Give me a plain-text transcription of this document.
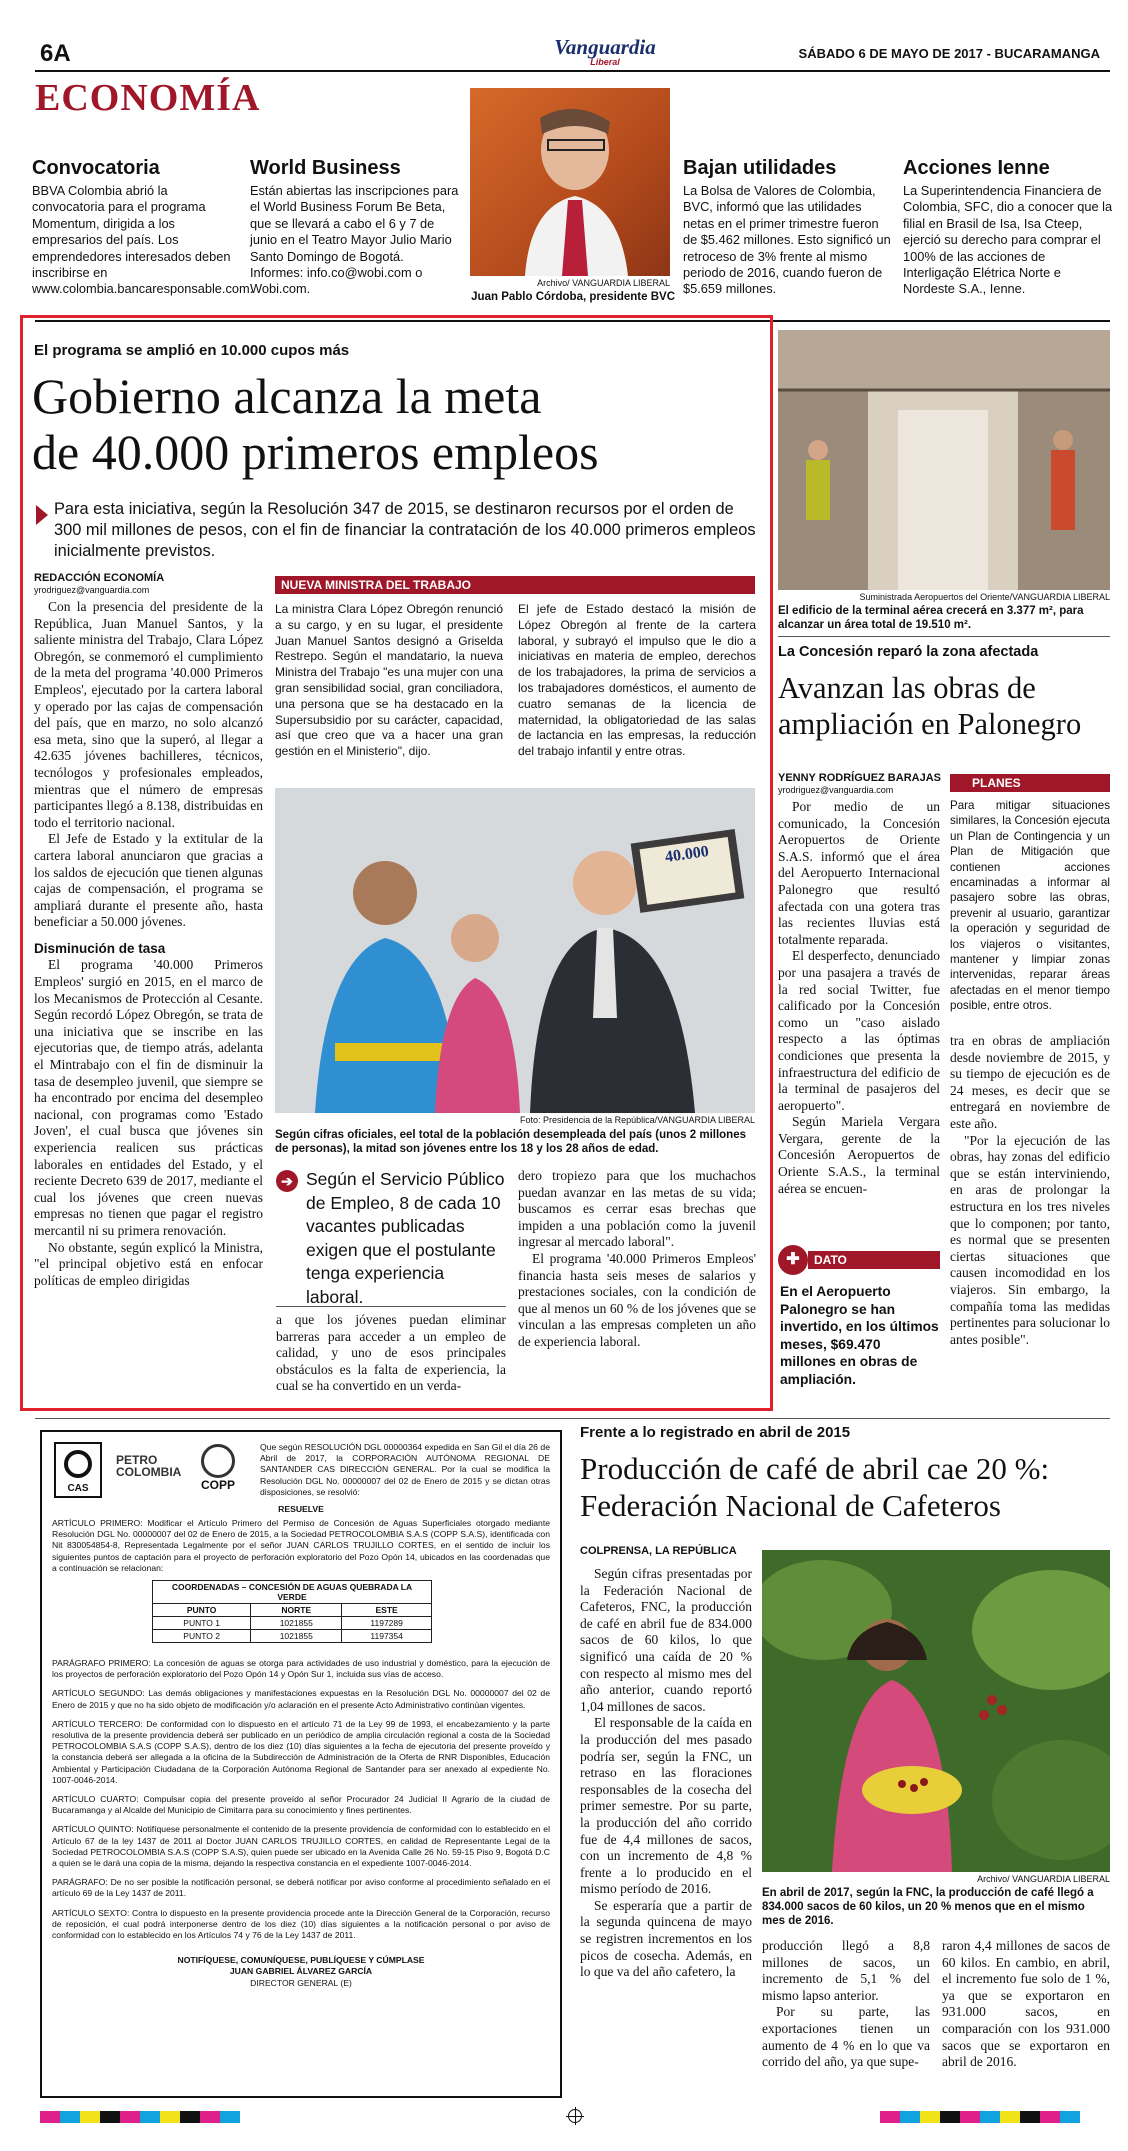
6A	Vanguardia
Liberal
SÁBADO 6 DE MAYO DE 2017 - BUCARAMANGA
ECONOMÍA
Convocatoria
BBVA Colombia abrió la convocatoria para el programa Momentum, dirigida a los empresarios del país. Los emprendedores interesados deben inscribirse en www.colombia.bancaresponsable.com.
World Business
Están abiertas las inscripciones para el World Business Forum Be Beta, que se llevará a cabo el 6 y 7 de junio en el Teatro Mayor Julio Mario Santo Domingo de Bogotá. Informes: info.co@wobi.com o Wobi.com.	Archivo/ VANGUARDIA LIBERAL
Juan Pablo Córdoba, presidente BVC
Bajan utilidades
La Bolsa de Valores de Colombia, BVC, informó que las utilidades netas en el primer trimestre fueron de $5.462 millones. Esto significó un retroceso de 3% frente al mismo periodo de 2016, cuando fueron de $5.659 millones.
Acciones Ienne
La Superintendencia Financiera de Colombia, SFC, dio a conocer que la filial en Brasil de Isa, Isa Cteep, ejerció su derecho para comprar el 100% de las acciones de Interligação Elétrica Norte e Nordeste S.A., Ienne.
El programa se amplió en 10.000 cupos más
Gobierno alcanza la meta
de 40.000 primeros empleos
Para esta iniciativa, según la Resolución 347 de 2015, se destinaron recursos por el orden de 300 mil millones de pesos, con el fin de financiar la contratación de los 40.000 primeros empleos inicialmente previstos.
REDACCIÓN ECONOMÍA
yrodriguez@vanguardia.com

Con la presencia del presidente de la República, Juan Manuel Santos, y la saliente ministra del Trabajo, Clara López Obregón, se conmemoró el cumplimiento de la meta del programa '40.000 Primeros Empleos', ejecutado por la cartera laboral y operado por las cajas de compensación del país, que en marzo, no solo alcanzó esa meta, sino que la superó, al llegar a 42.635 jóvenes bachilleres, técnicos, tecnólogos y profesionales empleados, mientras que el número de empresas participantes llegó a 8.138, distribuidas en todo el territorio nacional.

El Jefe de Estado y la extitular de la cartera laboral anunciaron que gracias a los saldos de ejecución que tienen algunas cajas de compensación, el programa se ampliará durante el presente año, hasta beneficiar a 50.000 jóvenes.

Disminución de tasa

El programa '40.000 Primeros Empleos' surgió en 2015, en el marco de los Mecanismos de Protección al Cesante. Según recordó López Obregón, se trata de una iniciativa que se inscribe en las ejecutorias que, de tiempo atrás, adelanta el Mintrabajo con el fin de disminuir la tasa de desempleo juvenil, que siempre se ha encontrado por encima del desempleo nacional, con programas como 'Estado Joven', el cual busca que jóvenes sin experiencia realicen sus prácticas laborales en entidades del Estado, y el reciente Decreto 639 de 2017, mediante el cual los jóvenes que creen nuevas empresas no tienen que pagar el registro mercantil ni su primera renovación.

No obstante, según explicó la Ministra, "el principal objetivo está en enfocar políticas de empleo dirigidas

NUEVA MINISTRA DEL TRABAJO
La ministra Clara López Obregón renunció a su cargo, y en su lugar, el presidente Juan Manuel Santos designó a Griselda Restrepo. Según el mandatario, la nueva Ministra del Trabajo "es una mujer con una gran sensibilidad social, gran conciliadora, una persona que se ha destacado en la Supersubsidio por su carácter, capacidad, así que creo que va a hacer una gran gestión en el Ministerio", dijo.
El jefe de Estado destacó la misión de López Obregón al frente de la cartera laboral, y subrayó el impulso que le dio a iniciativas en materia de empleo, derechos de los trabajadores, la prima de servicios a los trabajadores domésticos, el aumento de cuatro semanas de la licencia de maternidad, la obligatoriedad de las salas de lactancia en las empresas, la reducción del trabajo infantil y entre otras.
40.000
Foto: Presidencia de la República/VANGUARDIA LIBERAL
Según cifras oficiales, eel total de la población desempleada del país (unos 2 millones de personas), la mitad son jóvenes entre los 18 y los 28 años de edad.
➔ Según el Servicio Público de Empleo, 8 de cada 10 vacantes publicadas exigen que el postulante tenga experiencia laboral.
a que los jóvenes puedan eliminar barreras para acceder a un empleo de calidad, y uno de esos principales obstáculos es la falta de experiencia, la cual se ha convertido en un verda-

dero tropiezo para que los muchachos puedan avanzar en las metas de su vida; buscamos es cerrar esas brechas que impiden a una población como la juvenil ingresar al mercado laboral".

El programa '40.000 Primeros Empleos' financia hasta seis meses de salarios y prestaciones sociales, con la condición de que al menos un 60 % de los jóvenes que se vinculan a las empresas completen un año de experiencia laboral.

Suministrada Aeropuertos del Oriente/VANGUARDIA LIBERAL
El edificio de la terminal aérea crecerá en 3.377 m², para alcanzar un área total de 19.510 m².
La Concesión reparó la zona afectada
Avanzan las obras de ampliación en Palonegro
YENNY RODRÍGUEZ BARAJAS
yrodriguez@vanguardia.com

Por medio de un comunicado, la Concesión Aeropuertos de Oriente S.A.S. informó que el área del Aeropuerto Internacional Palonegro que resultó afectada con una gotera tras las recientes lluvias está totalmente reparada.

El desperfecto, denunciado por una pasajera a través de la red social Twitter, fue calificado por la Concesión como un "caso aislado respecto a las óptimas condiciones que presenta la infraestructura del edificio de la terminal de pasajeros del aeropuerto".

Según Mariela Vergara Vergara, gerente de la Concesión Aeropuertos de Oriente S.A.S., la terminal aérea se encuen-

PLANES
Para mitigar situaciones similares, la Concesión ejecuta un Plan de Contingencia y un Plan de Mitigación que contienen acciones encaminadas a informar al pasajero sobre las obras, prevenir al usuario, garantizar la operación y seguridad de los viajeros o visitantes, mantener y limpiar zonas intervenidas, reparar áreas afectadas en el menor tiempo posible, entre otros.

tra en obras de ampliación desde noviembre de 2015, y su tiempo de ejecución es de 24 meses, es decir que se entregará en noviembre de este año.

"Por la ejecución de las obras, hay zonas del edificio que se están interviniendo, en aras de prolongar la estructura en los tres niveles que lo componen; por tanto, es normal que se presenten ciertas situaciones que causen incomodidad en los viajeros. Sin embargo, la compañía toma las medidas pertinentes para solucionar lo antes posible".

✚	DATO
En el Aeropuerto Palonegro se han invertido, en los últimos meses, $69.470 millones en obras de ampliación.
CAS
PETRO COLOMBIA
COPP
Que según RESOLUCIÓN DGL 00000364 expedida en San Gil el día 26 de Abril de 2017, la CORPORACIÓN AUTÓNOMA REGIONAL DE SANTANDER CAS DIRECCIÓN GENERAL. Por la cual se modifica la Resolución DGL No. 00000007 del 02 de Enero de 2015 y se dictan otras disposiciones, se resolvió:
RESUELVE
ARTÍCULO PRIMERO: Modificar el Artículo Primero del Permiso de Concesión de Aguas Superficiales otorgado mediante Resolución DGL No. 00000007 del 02 de Enero de 2015, a la Sociedad PETROCOLOMBIA S.A.S (COPP S.A.S), identificada con Nit 830054854-8, Representada Legalmente por el señor JUAN CARLOS TRUJILLO CORTES, en el sentido de incluir los siguientes puntos de captación para el proyecto de perforación exploratorio del Pozo Opón 14, ubicados en las coordenadas que a continuación se relacionan:
COORDENADAS – CONCESIÓN DE AGUAS QUEBRADA LA VERDE		
PUNTO	NORTE	ESTE
PUNTO 1	1021855	1197289
PUNTO 2	1021855	1197354

PARÁGRAFO PRIMERO: La concesión de aguas se otorga para actividades de uso industrial y doméstico, para la ejecución de los proyectos de perforación exploratorio del Pozo Opón 14 y Opón Sur 1, incluida sus vías de acceso.

ARTÍCULO SEGUNDO: Las demás obligaciones y manifestaciones expuestas en la Resolución DGL No. 00000007 del 02 de Enero de 2015 y que no ha sido objeto de modificación y/o aclaración en el presente Acto Administrativo continúan vigentes.

ARTÍCULO TERCERO: De conformidad con lo dispuesto en el artículo 71 de la Ley 99 de 1993, el encabezamiento y la parte resolutiva de la presente providencia deberá ser publicado en un periódico de amplia circulación regional a costa de la Sociedad PETROCOLOMBIA S.A.S (COPP S.A.S), dentro de los diez (10) días siguientes a la fecha de ejecutoria del presente proveído y la constancia deberá ser allegada a la oficina de la Subdirección de Administración de la Oferta de RNR Disponibles, Educación Ambiental y Participación Ciudadana de la Corporación Autónoma Regional de Santander para ser anexado al expediente No. 1007-0046-2014.

ARTÍCULO CUARTO: Compulsar copia del presente proveído al señor Procurador 24 Judicial II Agrario de la ciudad de Bucaramanga y al Alcalde del Municipio de Cimitarra para su conocimiento y fines pertinentes.

ARTÍCULO QUINTO: Notifíquese personalmente el contenido de la presente providencia de conformidad con lo establecido en el Artículo 67 de la ley 1437 de 2011 al Doctor JUAN CARLOS TRUJILLO CORTES, en calidad de Representante Legal de la Sociedad PETROCOLOMBIA S.A.S (COPP S.A.S), quien puede ser ubicado en la Avenida Calle 26 No. 59-15 Piso 9, Bogotá D.C a quien se le dará una copia de la misma, dejando la respectiva constancia en el expediente 1007-0046-2014.

PARÁGRAFO: De no ser posible la notificación personal, se deberá notificar por aviso conforme al procedimiento señalado en el artículo 69 de la Ley 1437 de 2011.

ARTÍCULO SEXTO: Contra lo dispuesto en la presente providencia procede ante la Dirección General de la Corporación, recurso de reposición, el cual podrá interponerse dentro de los diez (10) días siguientes a la notificación personal o por aviso de conformidad con lo establecido en los Artículos 74 y 76 de la Ley 1437 de 2011.

NOTIFÍQUESE, COMUNÍQUESE, PUBLÍQUESE Y CÚMPLASE
JUAN GABRIEL ÁLVAREZ GARCÍA
DIRECTOR GENERAL (E)
Frente a lo registrado en abril de 2015
Producción de café de abril cae 20 %:
Federación Nacional de Cafeteros
COLPRENSA, LA REPÚBLICA

Según cifras presentadas por la Federación Nacional de Cafeteros, FNC, la producción de café en abril fue de 834.000 sacos de 60 kilos, lo que significó una caída de 20 % con respecto al mismo mes del año anterior, cuando reportó 1,04 millones de sacos.

El responsable de la caída en la producción del mes pasado podría ser, según la FNC, un retraso en las floraciones responsables de la cosecha del primer semestre. Por su parte, la producción del año corrido fue de 4,4 millones de sacos, con un incremento de 4,8 % frente a lo producido en el mismo período de 2016.

Se esperaría que a partir de la segunda quincena de mayo se registren incrementos en los picos de cosecha. Además, en lo que va del año cafetero, la

Archivo/ VANGUARDIA LIBERAL
En abril de 2017, según la FNC, la producción de café llegó a 834.000 sacos de 60 kilos, un 20 % menos que en el mismo mes de 2016.

producción llegó a 8,8 millones de sacos, un incremento de 5,1 % del mismo lapso anterior.

Por su parte, las exportaciones tienen un aumento de 4 % en lo que va corrido del año, ya que supe-

raron 4,4 millones de sacos de 60 kilos. En cambio, en abril, el incremento fue solo de 1 %, ya que se exportaron en 931.000 sacos, en comparación con los 931.000 sacos que se exportaron en abril de 2016.
